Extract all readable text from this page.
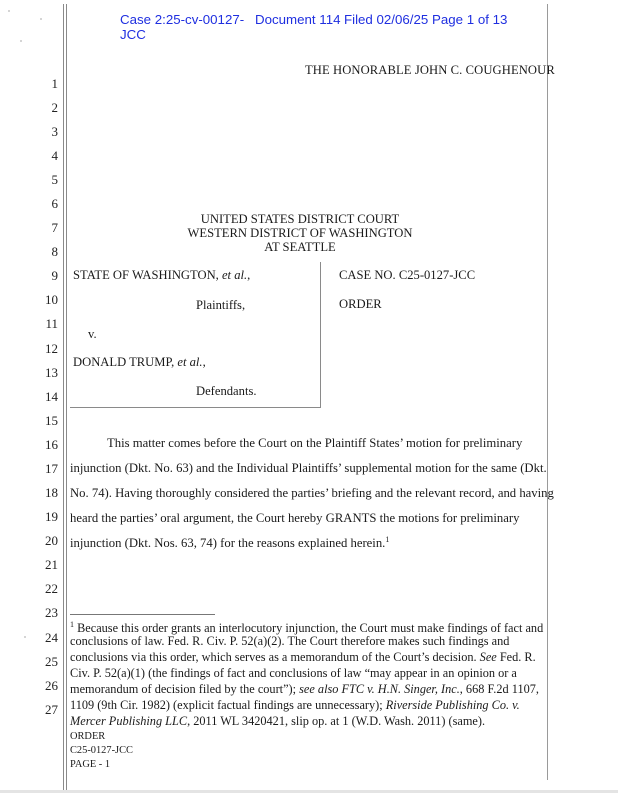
Case 2:25-cv-00127-JCC
Document 114 Filed 02/06/25 Page 1 of 13
THE HONORABLE JOHN C. COUGHENOUR
1
2
3
4
5
6
7
8
9
10
11
12
13
14
15
16
17
18
19
20
21
22
23
24
25
26
27
UNITED STATES DISTRICT COURT
WESTERN DISTRICT OF WASHINGTON
AT SEATTLE
STATE OF WASHINGTON, et al.,
Plaintiffs,
v.
DONALD TRUMP, et al.,
Defendants.
CASE NO. C25-0127-JCC
ORDER
This matter comes before the Court on the Plaintiff States’ motion for preliminary
injunction (Dkt. No. 63) and the Individual Plaintiffs’ supplemental motion for the same (Dkt.
No. 74). Having thoroughly considered the parties’ briefing and the relevant record, and having
heard the parties’ oral argument, the Court hereby GRANTS the motions for preliminary
injunction (Dkt. Nos. 63, 74) for the reasons explained herein.$^1$
$^1$ Because this order grants an interlocutory injunction, the Court must make findings of fact and
conclusions of law. Fed. R. Civ. P. 52(a)(2). The Court therefore makes such findings and
conclusions via this order, which serves as a memorandum of the Court’s decision. See Fed. R.
Civ. P. 52(a)(1) (the findings of fact and conclusions of law “may appear in an opinion or a
memorandum of decision filed by the court”); see also FTC v. H.N. Singer, Inc., 668 F.2d 1107,
1109 (9th Cir. 1982) (explicit factual findings are unnecessary); Riverside Publishing Co. v.
Mercer Publishing LLC, 2011 WL 3420421, slip op. at 1 (W.D. Wash. 2011) (same).
ORDER
C25-0127-JCC
PAGE - 1
